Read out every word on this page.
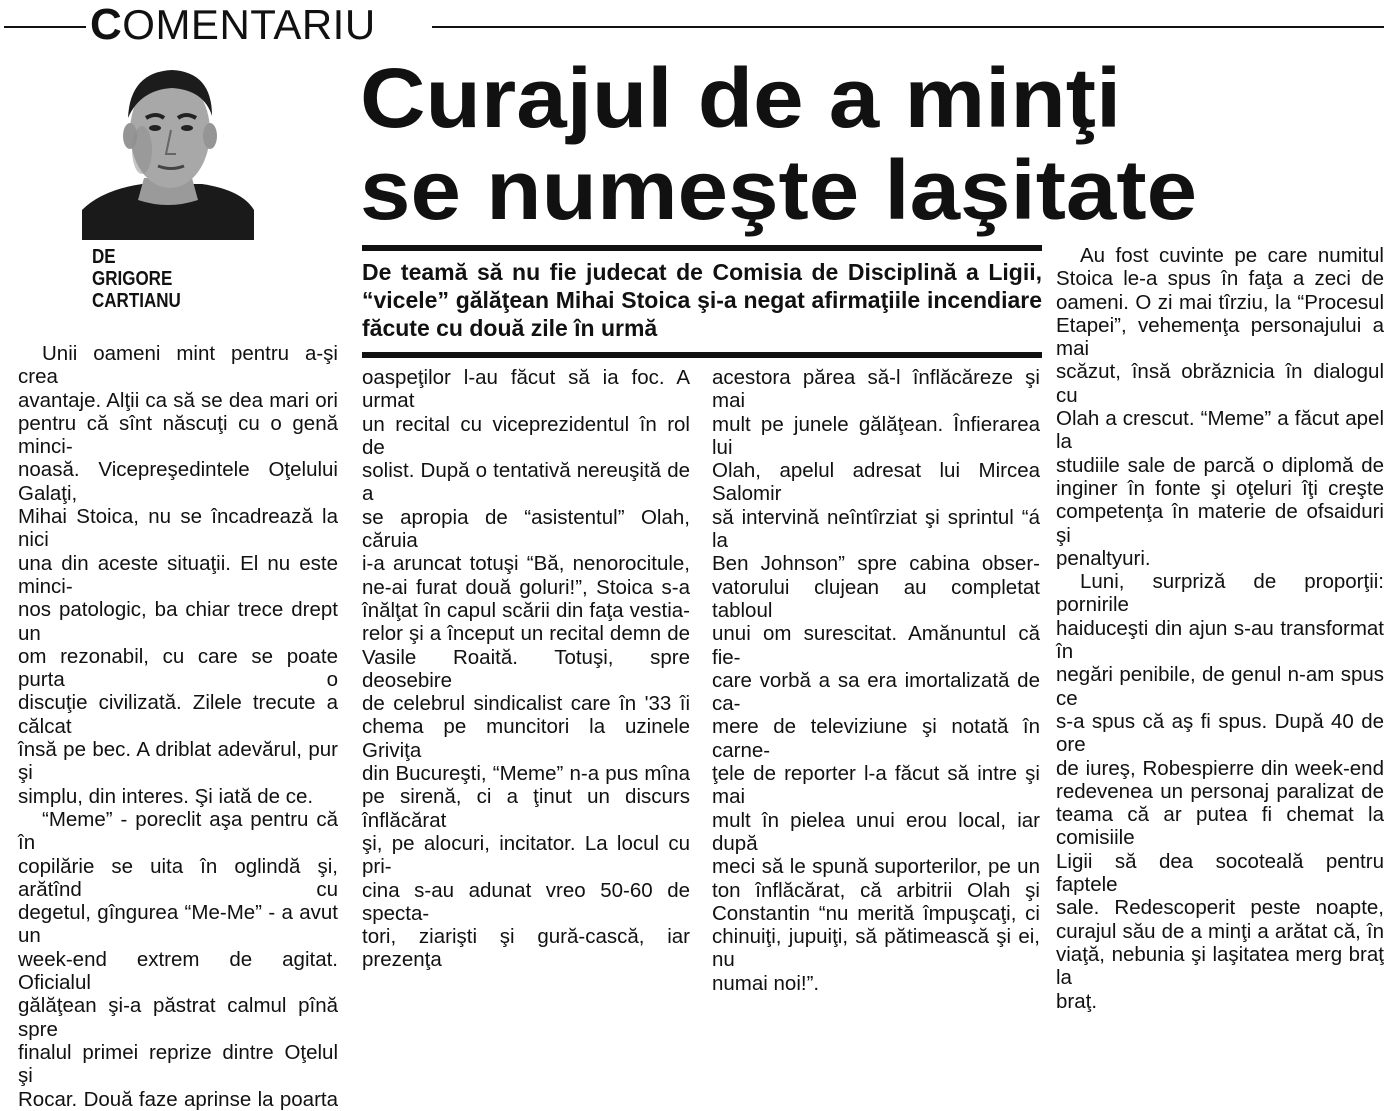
COMENTARIU
Curajul de a minţi
se numeşte laşitate
DE
GRIGORE
CARTIANU
De teamă să nu fie judecat de Comisia de Disciplină a Ligii, “vicele” gălăţean Mihai Stoica şi-a negat afirmaţiile incendiare făcute cu două zile în urmă

Unii oameni mint pentru a-şi crea

avantaje. Alţii ca să se dea mari ori

pentru că sînt născuţi cu o genă minci-

noasă. Vicepreşedintele Oţelului Galaţi,

Mihai Stoica, nu se încadrează la nici

una din aceste situaţii. El nu este minci-

nos patologic, ba chiar trece drept un

om rezonabil, cu care se poate purta o

discuţie civilizată. Zilele trecute a călcat

însă pe bec. A driblat adevărul, pur şi

simplu, din interes. Şi iată de ce.

“Meme” - poreclit aşa pentru că în

copilărie se uita în oglindă şi, arătînd cu

degetul, gîngurea “Me-Me” - a avut un

week-end extrem de agitat. Oficialul

gălăţean şi-a păstrat calmul pînă spre

finalul primei reprize dintre Oţelul şi

Rocar. Două faze aprinse la poarta

oaspeţilor l-au făcut să ia foc. A urmat

un recital cu viceprezidentul în rol de

solist. După o tentativă nereuşită de a

se apropia de “asistentul” Olah, căruia

i-a aruncat totuşi “Bă, nenorocitule,

ne-ai furat două goluri!”, Stoica s-a

înălţat în capul scării din faţa vestia-

relor şi a început un recital demn de

Vasile Roaită. Totuşi, spre deosebire

de celebrul sindicalist care în '33 îi

chema pe muncitori la uzinele Griviţa

din Bucureşti, “Meme” n-a pus mîna

pe sirenă, ci a ţinut un discurs înflăcărat

şi, pe alocuri, incitator. La locul cu pri-

cina s-au adunat vreo 50-60 de specta-

tori, ziarişti şi gură-cască, iar prezenţa

acestora părea să-l înflăcăreze şi mai

mult pe junele gălăţean. Înfierarea lui

Olah, apelul adresat lui Mircea Salomir

să intervină neîntîrziat şi sprintul “á la

Ben Johnson” spre cabina obser-

vatorului clujean au completat tabloul

unui om surescitat. Amănuntul că fie-

care vorbă a sa era imortalizată de ca-

mere de televiziune şi notată în carne-

ţele de reporter l-a făcut să intre şi mai

mult în pielea unui erou local, iar după

meci să le spună suporterilor, pe un

ton înflăcărat, că arbitrii Olah şi

Constantin “nu merită împuşcaţi, ci

chinuiţi, jupuiţi, să pătimească şi ei, nu

numai noi!”.

Au fost cuvinte pe care numitul

Stoica le-a spus în faţa a zeci de

oameni. O zi mai tîrziu, la “Procesul

Etapei”, vehemenţa personajului a mai

scăzut, însă obrăznicia în dialogul cu

Olah a crescut. “Meme” a făcut apel la

studiile sale de parcă o diplomă de

inginer în fonte şi oţeluri îţi creşte

competenţa în materie de ofsaiduri şi

penaltyuri.

Luni, surpriză de proporţii: pornirile

haiduceşti din ajun s-au transformat în

negări penibile, de genul n-am spus ce

s-a spus că aş fi spus. După 40 de ore

de iureş, Robespierre din week-end

redevenea un personaj paralizat de

teama că ar putea fi chemat la comisiile

Ligii să dea socoteală pentru faptele

sale. Redescoperit peste noapte,

curajul său de a minţi a arătat că, în

viaţă, nebunia şi laşitatea merg braţ la

braţ.
